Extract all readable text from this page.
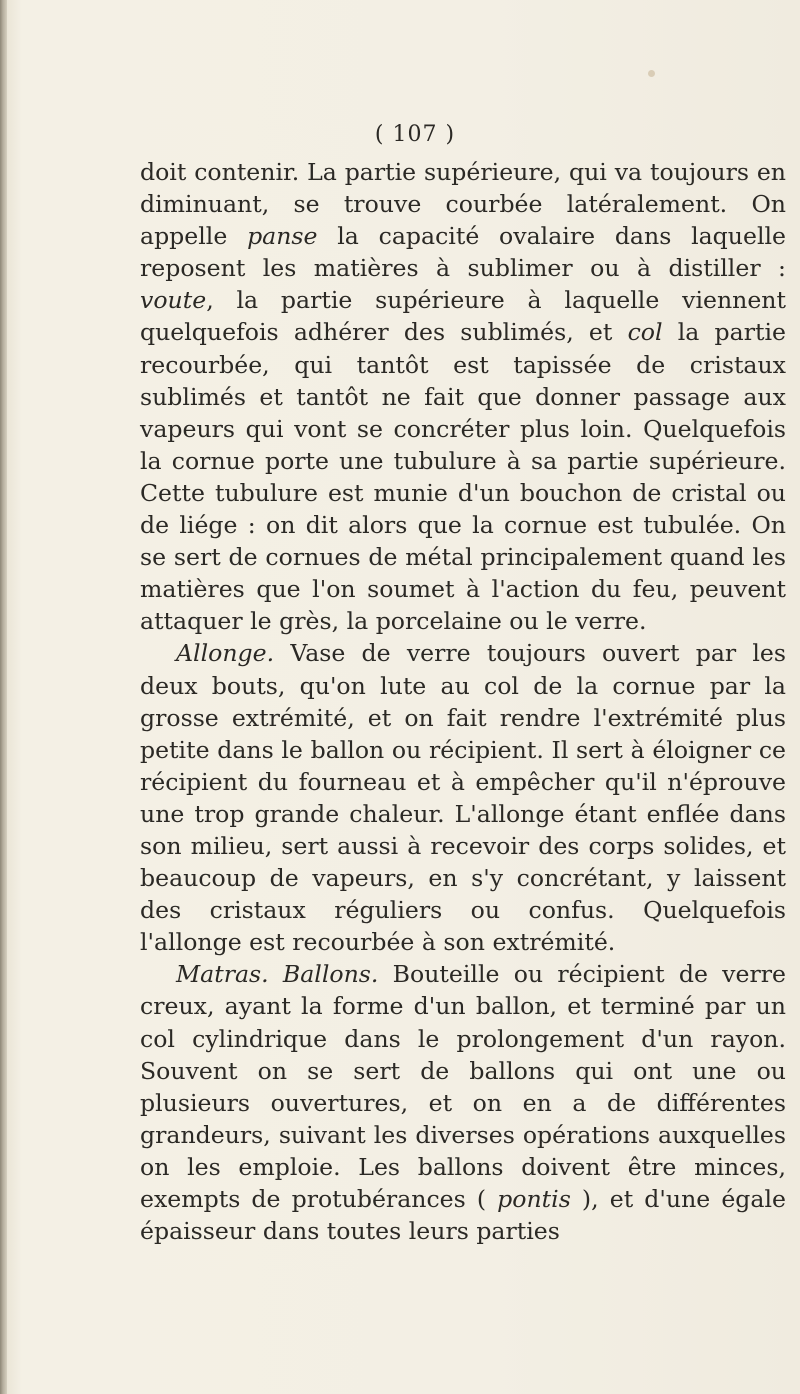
( 107 )

doit contenir. La partie supérieure, qui va toujours en diminuant, se trouve courbée latéralement. On appelle panse la capacité ovalaire dans laquelle reposent les matières à sublimer ou à distiller : voute, la partie supérieure à laquelle viennent quelquefois adhérer des sublimés, et col la partie recourbée, qui tantôt est tapissée de cristaux sublimés et tantôt ne fait que donner passage aux vapeurs qui vont se concréter plus loin. Quelquefois la cornue porte une tubulure à sa partie supérieure. Cette tubulure est munie d'un bouchon de cristal ou de liége : on dit alors que la cornue est tubulée. On se sert de cornues de métal principalement quand les matières que l'on soumet à l'action du feu, peuvent attaquer le grès, la porcelaine ou le verre.

Allonge. Vase de verre toujours ouvert par les deux bouts, qu'on lute au col de la cornue par la grosse extrémité, et on fait rendre l'extrémité plus petite dans le ballon ou récipient. Il sert à éloigner ce récipient du fourneau et à empêcher qu'il n'éprouve une trop grande chaleur. L'allonge étant enflée dans son milieu, sert aussi à recevoir des corps solides, et beaucoup de vapeurs, en s'y concrétant, y laissent des cristaux réguliers ou confus. Quelquefois l'allonge est recourbée à son extrémité.

Matras. Ballons. Bouteille ou récipient de verre creux, ayant la forme d'un ballon, et terminé par un col cylindrique dans le prolongement d'un rayon. Souvent on se sert de ballons qui ont une ou plusieurs ouvertures, et on en a de différentes grandeurs, suivant les diverses opérations auxquelles on les emploie. Les ballons doivent être minces, exempts de protubérances ( pontis ), et d'une égale épaisseur dans toutes leurs parties
